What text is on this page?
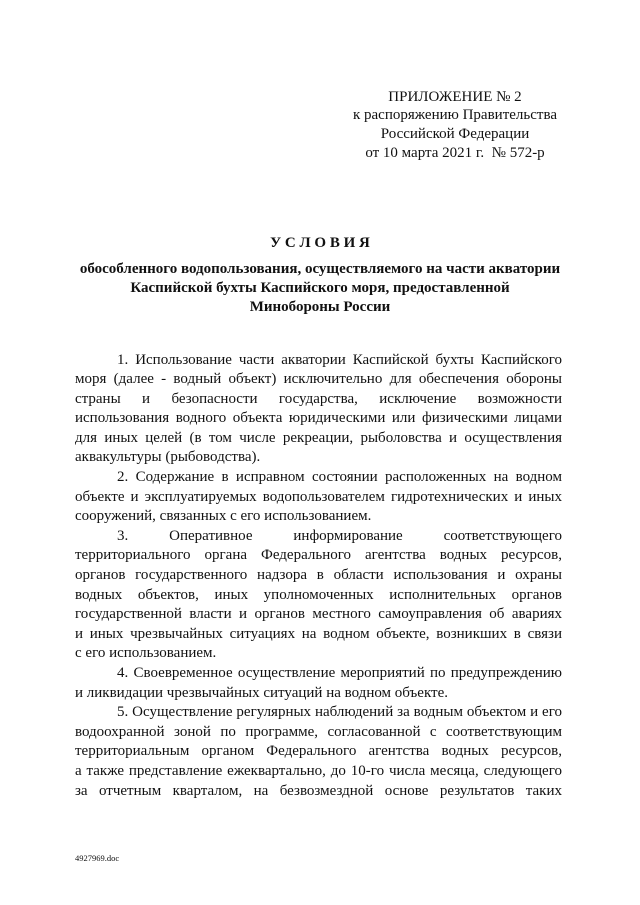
ПРИЛОЖЕНИЕ № 2
к распоряжению Правительства
Российской Федерации
от 10 марта 2021 г.  № 572-р
У С Л О В И Я
обособленного водопользования, осуществляемого на части акватории
Каспийской бухты Каспийского моря, предоставленной
Минобороны России
1. Использование части акватории Каспийской бухты Каспийского
моря (далее - водный объект) исключительно для обеспечения обороны
страны и безопасности государства, исключение возможности
использования водного объекта юридическими или физическими лицами
для иных целей (в том числе рекреации, рыболовства и осуществления
аквакультуры (рыбоводства).
2. Содержание в исправном состоянии расположенных на водном
объекте и эксплуатируемых водопользователем гидротехнических и иных
сооружений, связанных с его использованием.
3. Оперативное информирование соответствующего
территориального органа Федерального агентства водных ресурсов,
органов государственного надзора в области использования и охраны
водных объектов, иных уполномоченных исполнительных органов
государственной власти и органов местного самоуправления об авариях
и иных чрезвычайных ситуациях на водном объекте, возникших в связи
с его использованием.
4. Своевременное осуществление мероприятий по предупреждению
и ликвидации чрезвычайных ситуаций на водном объекте.
5. Осуществление регулярных наблюдений за водным объектом и его
водоохранной зоной по программе, согласованной с соответствующим
территориальным органом Федерального агентства водных ресурсов,
а также представление ежеквартально, до 10-го числа месяца, следующего
за отчетным кварталом, на безвозмездной основе результатов таких
4927969.doc
